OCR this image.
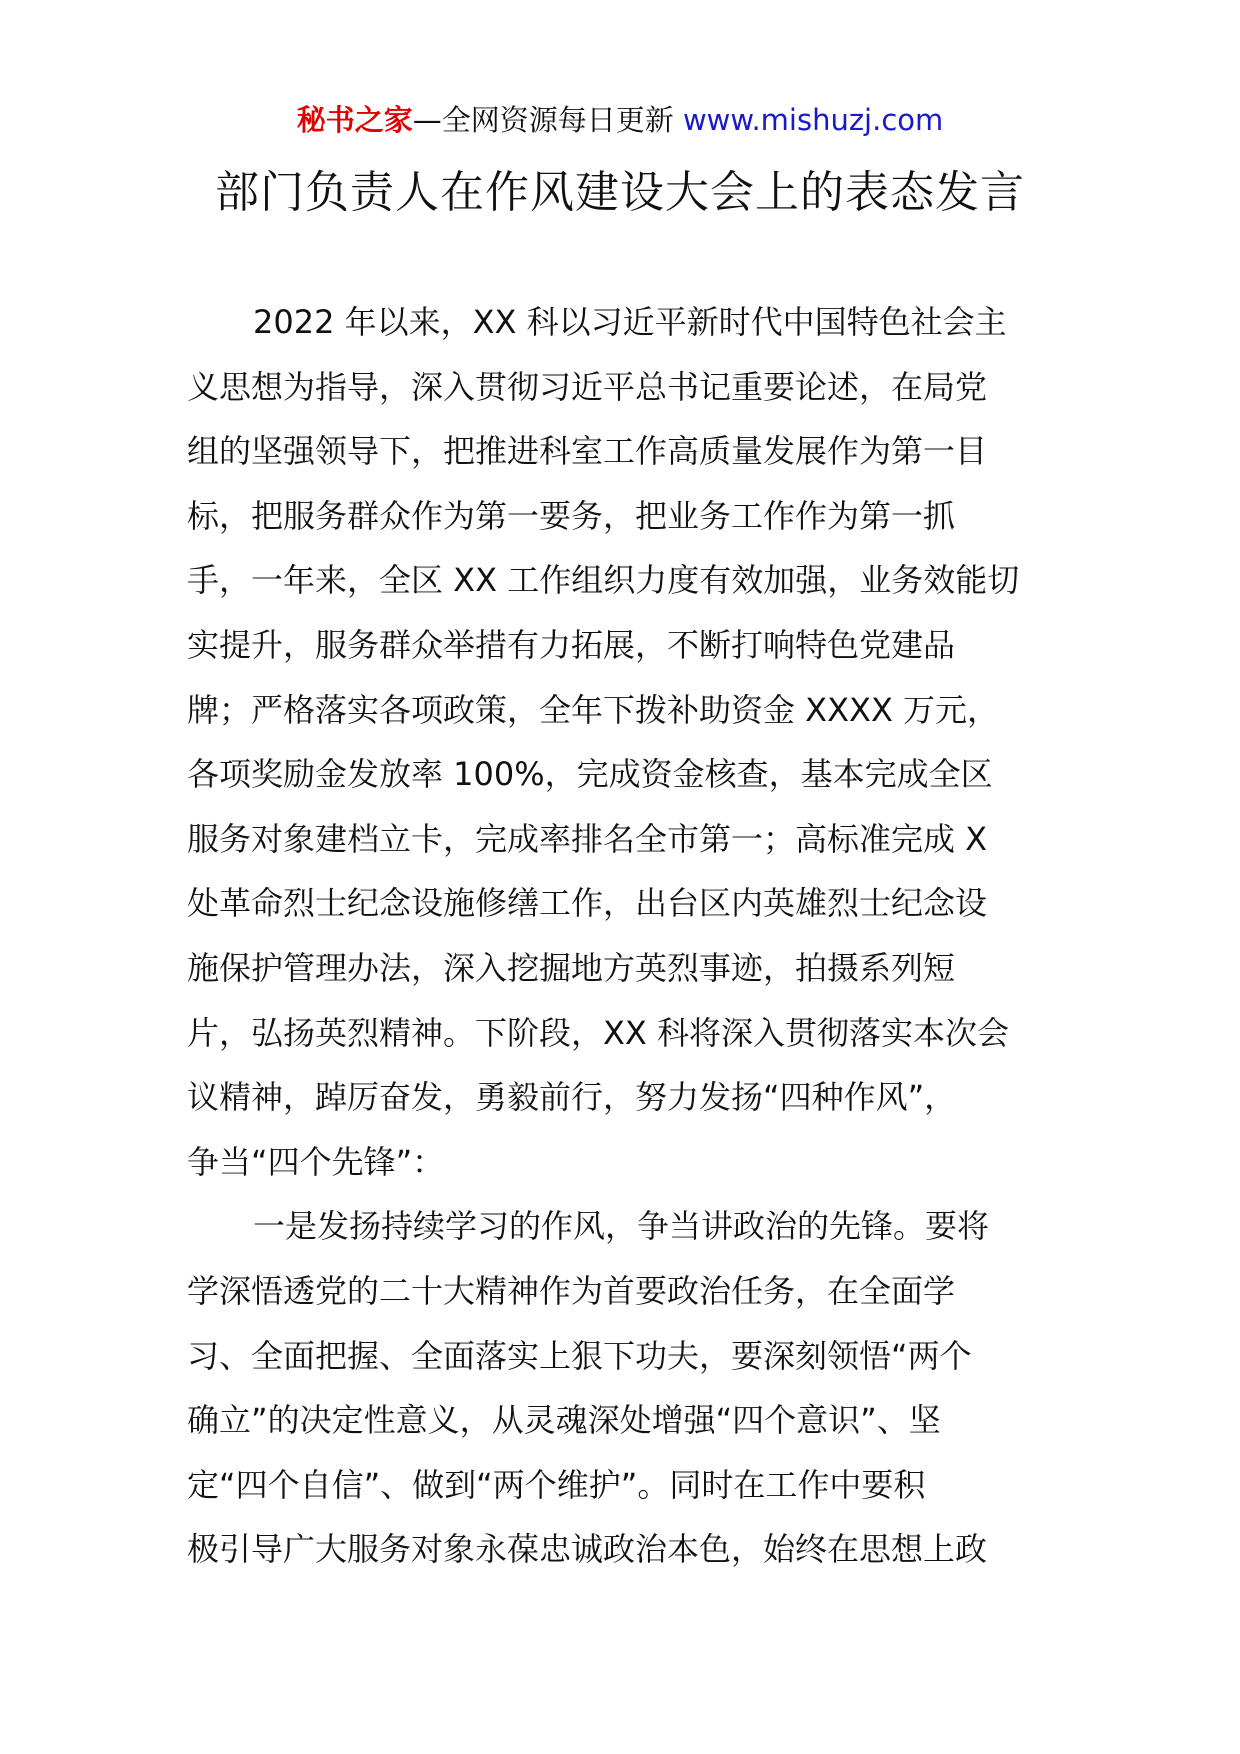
秘书之家—全网资源每日更新 www.mishuzj.com
部门负责人在作风建设大会上的表态发言
2022 年以来，XX 科以习近平新时代中国特色社会主
义思想为指导，深入贯彻习近平总书记重要论述，在局党
组的坚强领导下，把推进科室工作高质量发展作为第一目
标，把服务群众作为第一要务，把业务工作作为第一抓
手，一年来，全区 XX 工作组织力度有效加强，业务效能切
实提升，服务群众举措有力拓展，不断打响特色党建品
牌；严格落实各项政策，全年下拨补助资金 XXXX 万元，
各项奖励金发放率 100%，完成资金核查，基本完成全区
服务对象建档立卡，完成率排名全市第一；高标准完成 X
处革命烈士纪念设施修缮工作，出台区内英雄烈士纪念设
施保护管理办法，深入挖掘地方英烈事迹，拍摄系列短
片，弘扬英烈精神。下阶段，XX 科将深入贯彻落实本次会
议精神，踔厉奋发，勇毅前行，努力发扬“四种作风”，
争当“四个先锋”：
一是发扬持续学习的作风，争当讲政治的先锋。要将
学深悟透党的二十大精神作为首要政治任务，在全面学
习、全面把握、全面落实上狠下功夫，要深刻领悟“两个
确立”的决定性意义，从灵魂深处增强“四个意识”、坚
定“四个自信”、做到“两个维护”。同时在工作中要积
极引导广大服务对象永葆忠诚政治本色，始终在思想上政
